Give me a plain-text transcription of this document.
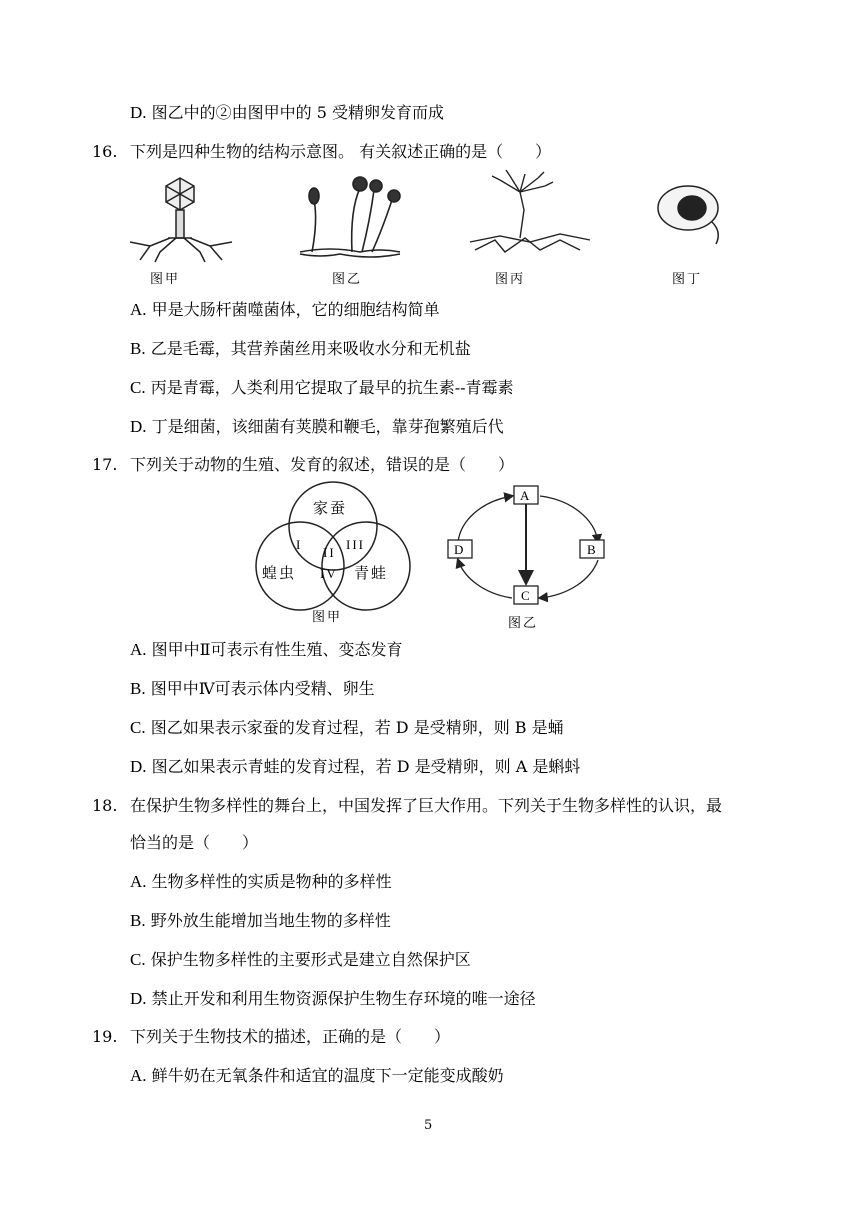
D. 图乙中的②由图甲中的 5 受精卵发育而成
16. 下列是四种生物的结构示意图。 有关叙述正确的是（　　）
图甲	图乙	图丙	图丁
A. 甲是大肠杆菌噬菌体，它的细胞结构简单
B. 乙是毛霉，其营养菌丝用来吸收水分和无机盐
C. 丙是青霉，人类利用它提取了最早的抗生素--青霉素
D. 丁是细菌，该细菌有荚膜和鞭毛，靠芽孢繁殖后代
17. 下列关于动物的生殖、发育的叙述，错误的是（　　）
家蚕
蝗虫	青蛙
I
II
III
IV
图甲
A
B
C
D
图乙
A. 图甲中Ⅱ可表示有性生殖、变态发育
B. 图甲中Ⅳ可表示体内受精、卵生
C. 图乙如果表示家蚕的发育过程，若 D 是受精卵，则 B 是蛹
D. 图乙如果表示青蛙的发育过程，若 D 是受精卵，则 A 是蝌蚪
18. 在保护生物多样性的舞台上，中国发挥了巨大作用。下列关于生物多样性的认识，最
恰当的是（　　）
A. 生物多样性的实质是物种的多样性
B. 野外放生能增加当地生物的多样性
C. 保护生物多样性的主要形式是建立自然保护区
D. 禁止开发和利用生物资源保护生物生存环境的唯一途径
19. 下列关于生物技术的描述，正确的是（　　）
A. 鲜牛奶在无氧条件和适宜的温度下一定能变成酸奶
5
